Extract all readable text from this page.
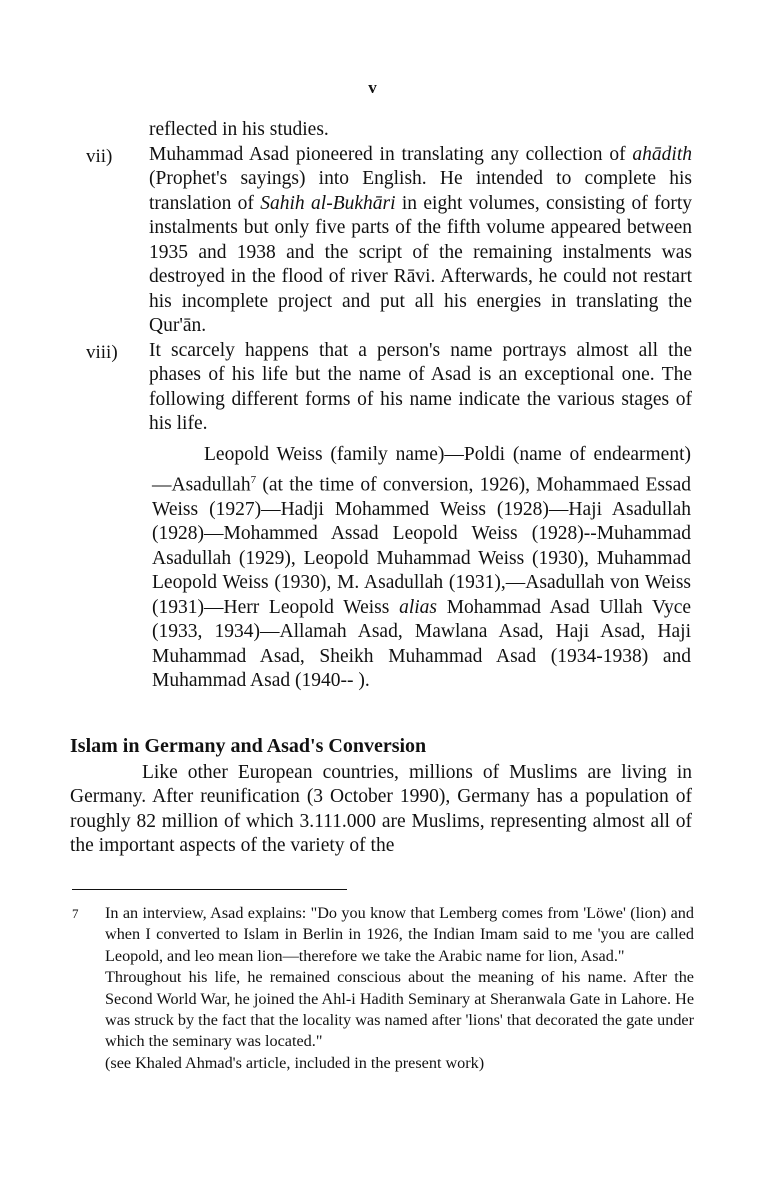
v
reflected in his studies.
vii) Muhammad Asad pioneered in translating any collection of ahādith (Prophet's sayings) into English. He intended to complete his translation of Sahih al-Bukhāri in eight volumes, consisting of forty instalments but only five parts of the fifth volume appeared between 1935 and 1938 and the script of the remaining instalments was destroyed in the flood of river Rāvi. Afterwards, he could not restart his incomplete project and put all his energies in translating the Qur'ān.
viii) It scarcely happens that a person's name portrays almost all the phases of his life but the name of Asad is an exceptional one. The following different forms of his name indicate the various stages of his life.
Leopold Weiss (family name)—Poldi (name of endearment)—Asadullah$^7$ (at the time of conversion, 1926), Mohammaed Essad Weiss (1927)—Hadji Mohammed Weiss (1928)—Haji Asadullah (1928)—Mohammed Assad Leopold Weiss (1928)--Muhammad Asadullah (1929), Leopold Muhammad Weiss (1930), Muhammad Leopold Weiss (1930), M. Asadullah (1931),—Asadullah von Weiss (1931)—Herr Leopold Weiss alias Mohammad Asad Ullah Vyce (1933, 1934)—Allamah Asad, Mawlana Asad, Haji Asad, Haji Muhammad Asad, Sheikh Muhammad Asad (1934-1938) and Muhammad Asad (1940-- ).
Islam in Germany and Asad's Conversion
Like other European countries, millions of Muslims are living in Germany. After reunification (3 October 1990), Germany has a population of roughly 82 million of which 3.111.000 are Muslims, representing almost all of the important aspects of the variety of the
7 In an interview, Asad explains: "Do you know that Lemberg comes from 'Löwe' (lion) and when I converted to Islam in Berlin in 1926, the Indian Imam said to me 'you are called Leopold, and leo mean lion—therefore we take the Arabic name for lion, Asad."

Throughout his life, he remained conscious about the meaning of his name. After the Second World War, he joined the Ahl-i Hadith Seminary at Sheranwala Gate in Lahore. He was struck by the fact that the locality was named after 'lions' that decorated the gate under which the seminary was located."

(see Khaled Ahmad's article, included in the present work)
